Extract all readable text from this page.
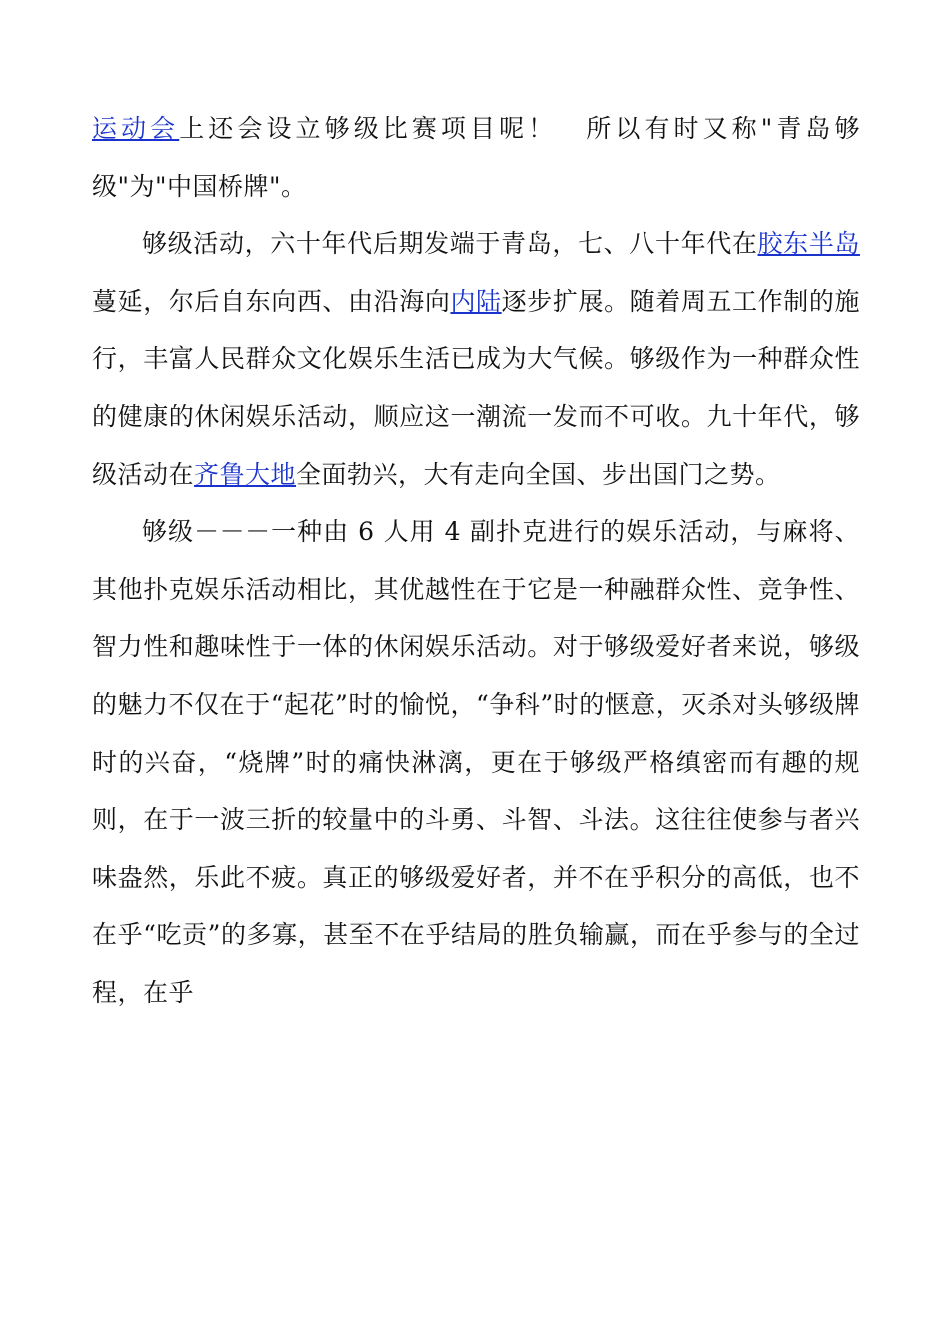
运动会上还会设立够级比赛项目呢！　所以有时又称"青岛够级"为"中国桥牌"。

够级活动，六十年代后期发端于青岛，七、八十年代在胶东半岛蔓延，尔后自东向西、由沿海向内陆逐步扩展。随着周五工作制的施行，丰富人民群众文化娱乐生活已成为大气候。够级作为一种群众性的健康的休闲娱乐活动，顺应这一潮流一发而不可收。九十年代，够级活动在齐鲁大地全面勃兴，大有走向全国、步出国门之势。

够级－－－一种由 6 人用 4 副扑克进行的娱乐活动，与麻将、其他扑克娱乐活动相比，其优越性在于它是一种融群众性、竞争性、智力性和趣味性于一体的休闲娱乐活动。对于够级爱好者来说，够级的魅力不仅在于“起花”时的愉悦，“争科”时的惬意，灭杀对头够级牌时的兴奋，“烧牌”时的痛快淋漓，更在于够级严格缜密而有趣的规则，在于一波三折的较量中的斗勇、斗智、斗法。这往往使参与者兴味盎然，乐此不疲。真正的够级爱好者，并不在乎积分的高低，也不在乎“吃贡”的多寡，甚至不在乎结局的胜负输赢，而在乎参与的全过程，在乎
